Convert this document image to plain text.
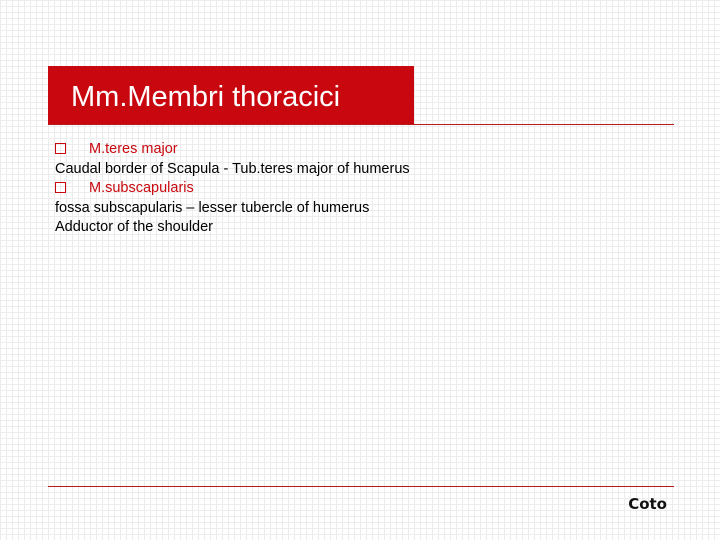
Mm.Membri thoracici
M.teres major
Caudal border of Scapula - Tub.teres major of humerus
M.subscapularis
fossa subscapularis – lesser tubercle of humerus
Adductor of the shoulder
Coto
